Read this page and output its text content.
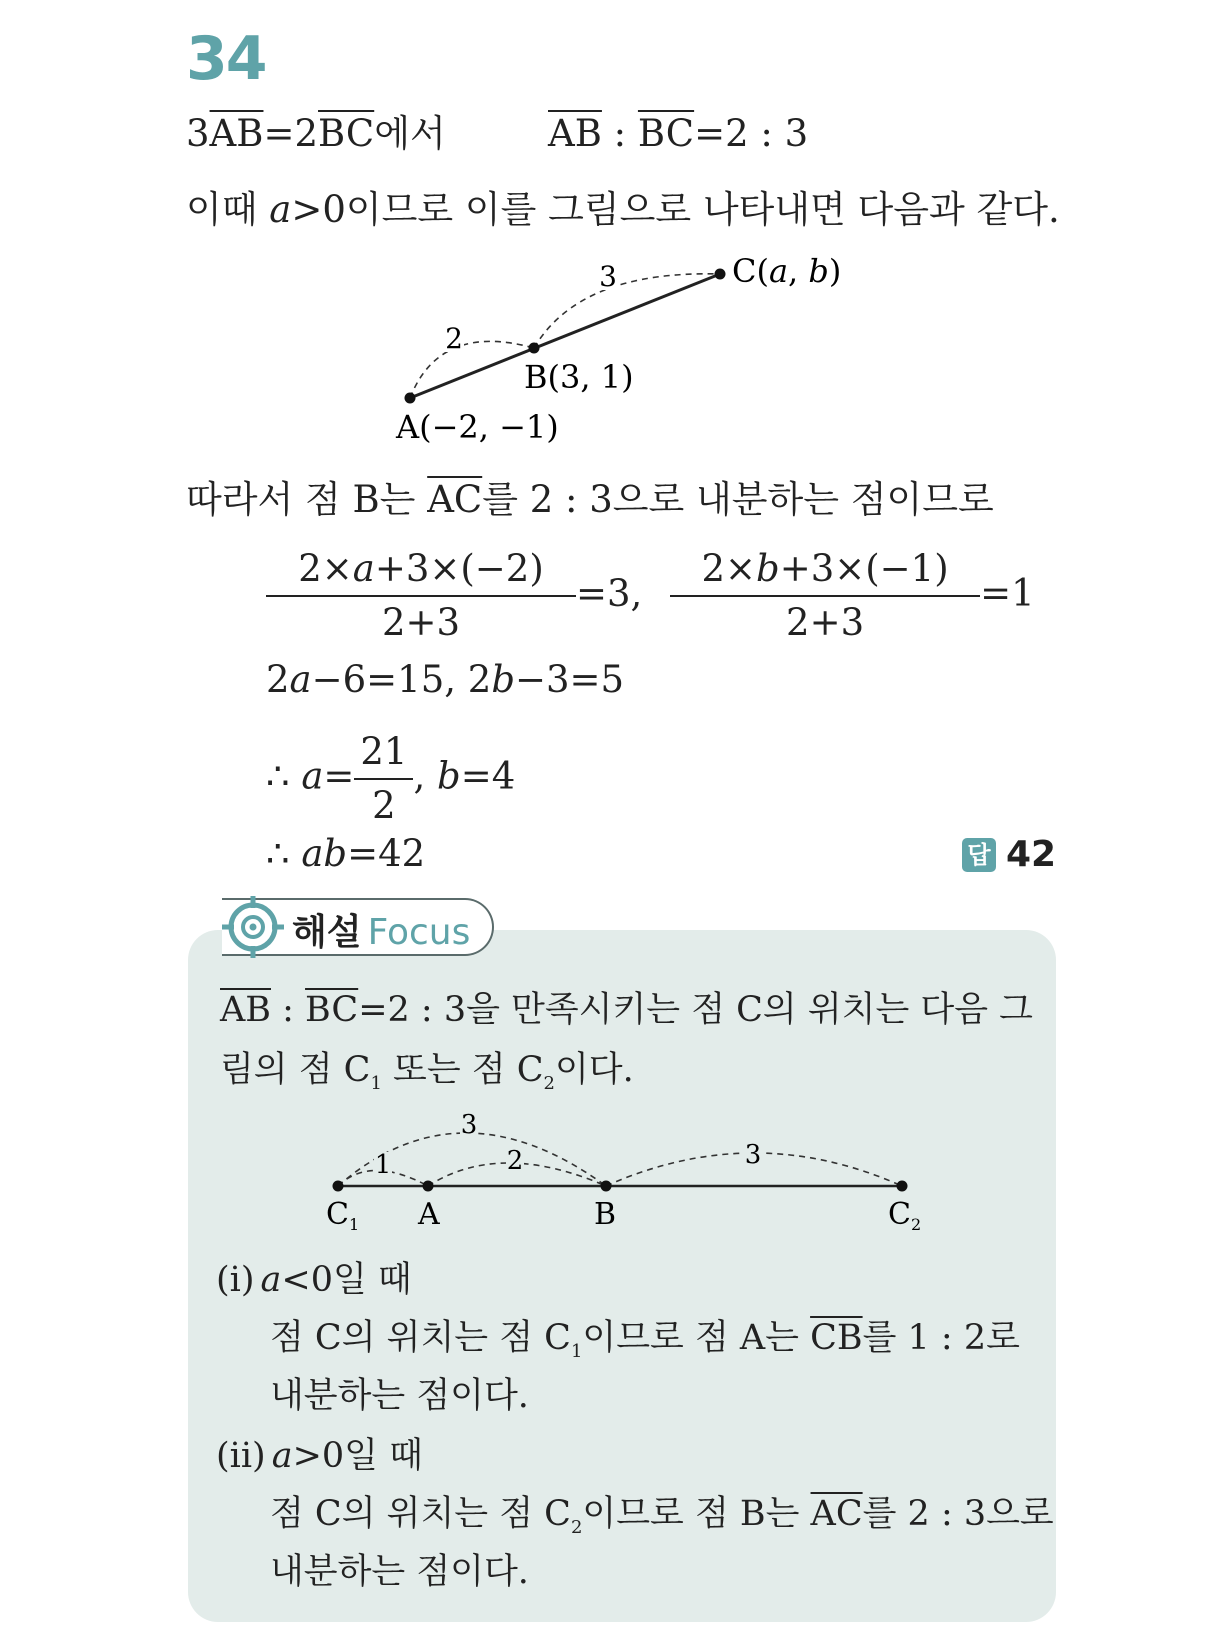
34
$3\overline{AB}=2\overline{BC}$에서	$\overline{AB}$ : $\overline{BC}=2$ : 3
이때 a>0이므로 이를 그림으로 나타내면 다음과 같다.
2
3	C(a, b)
B(3, 1)
A(−2, −1)
따라서 점 B는 $\overline{AC}$를 2 : 3으로 내분하는 점이므로
$\frac{2\times a+3\times(-2)}{2+3} =3$, $\frac{2\times b+3\times(-1)}{2+3} =1$
2a−6=15, 2b−3=5
∴ $a= \frac{21}{2}$ , b=4
∴ ab=42	답 42
해설 Focus
$\overline{AB}$ : $\overline{BC}=2$ : 3을 만족시키는 점 C의 위치는 다음 그
림의 점 $C_1$ 또는 점 $C_2$이다.
1	2
3
3
$C_1$ A	B	$C_2$
(i) a<0일 때
점 C의 위치는 점 $C_1$이므로 점 A는 $\overline{CB}$를 1 : 2로
내분하는 점이다.
(ii) a>0일 때
점 C의 위치는 점 $C_2$이므로 점 B는 $\overline{AC}$를 2 : 3으로
내분하는 점이다.
